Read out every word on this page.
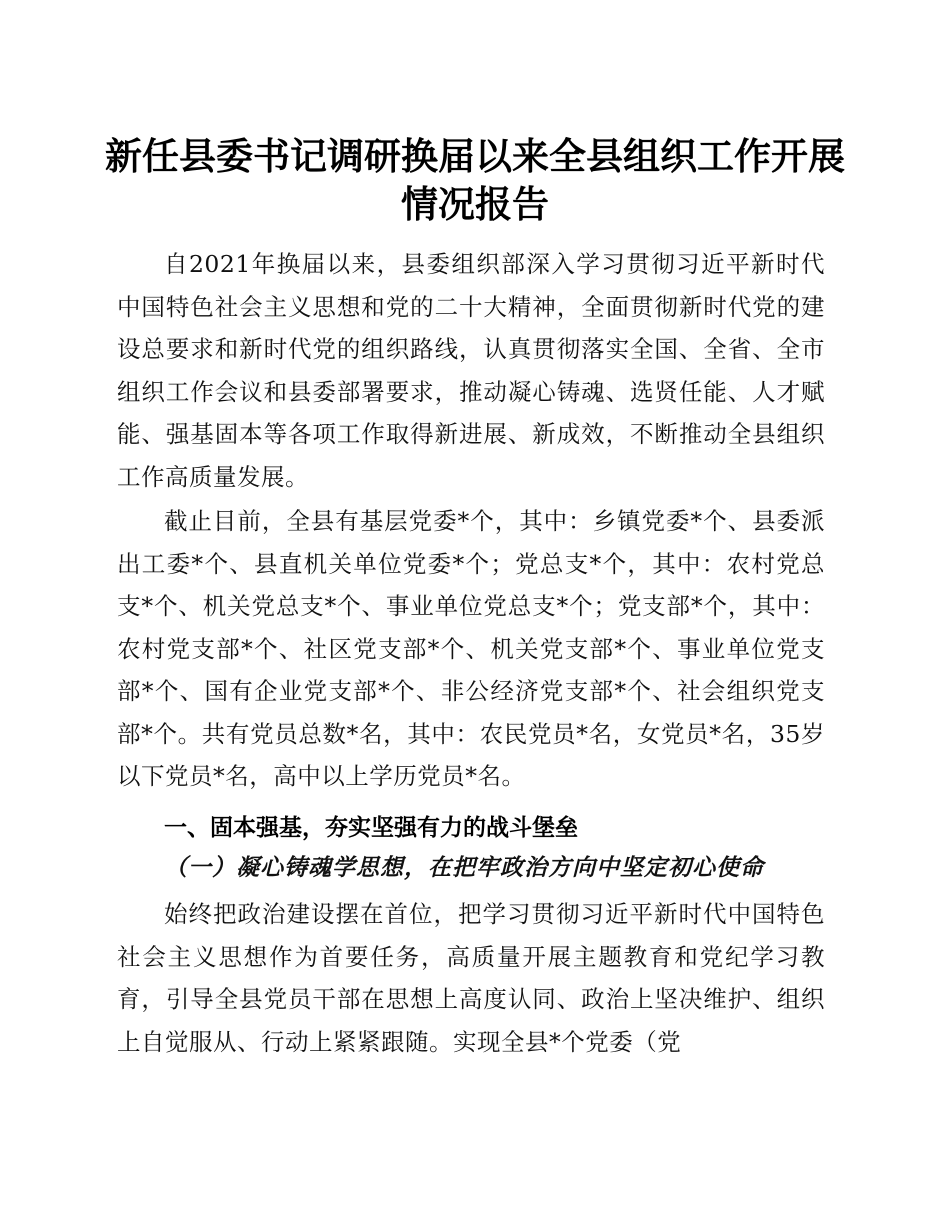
新任县委书记调研换届以来全县组织工作开展情况报告

自2021年换届以来，县委组织部深入学习贯彻习近平新时代中国特色社会主义思想和党的二十大精神，全面贯彻新时代党的建设总要求和新时代党的组织路线，认真贯彻落实全国、全省、全市组织工作会议和县委部署要求，推动凝心铸魂、选贤任能、人才赋能、强基固本等各项工作取得新进展、新成效，不断推动全县组织工作高质量发展。

截止目前，全县有基层党委*个，其中：乡镇党委*个、县委派出工委*个、县直机关单位党委*个；党总支*个，其中：农村党总支*个、机关党总支*个、事业单位党总支*个；党支部*个，其中：农村党支部*个、社区党支部*个、机关党支部*个、事业单位党支部*个、国有企业党支部*个、非公经济党支部*个、社会组织党支部*个。共有党员总数*名，其中：农民党员*名，女党员*名，35岁以下党员*名，高中以上学历党员*名。

一、固本强基，夯实坚强有力的战斗堡垒
（一）凝心铸魂学思想，在把牢政治方向中坚定初心使命

始终把政治建设摆在首位，把学习贯彻习近平新时代中国特色社会主义思想作为首要任务，高质量开展主题教育和党纪学习教育，引导全县党员干部在思想上高度认同、政治上坚决维护、组织上自觉服从、行动上紧紧跟随。实现全县*个党委（党
